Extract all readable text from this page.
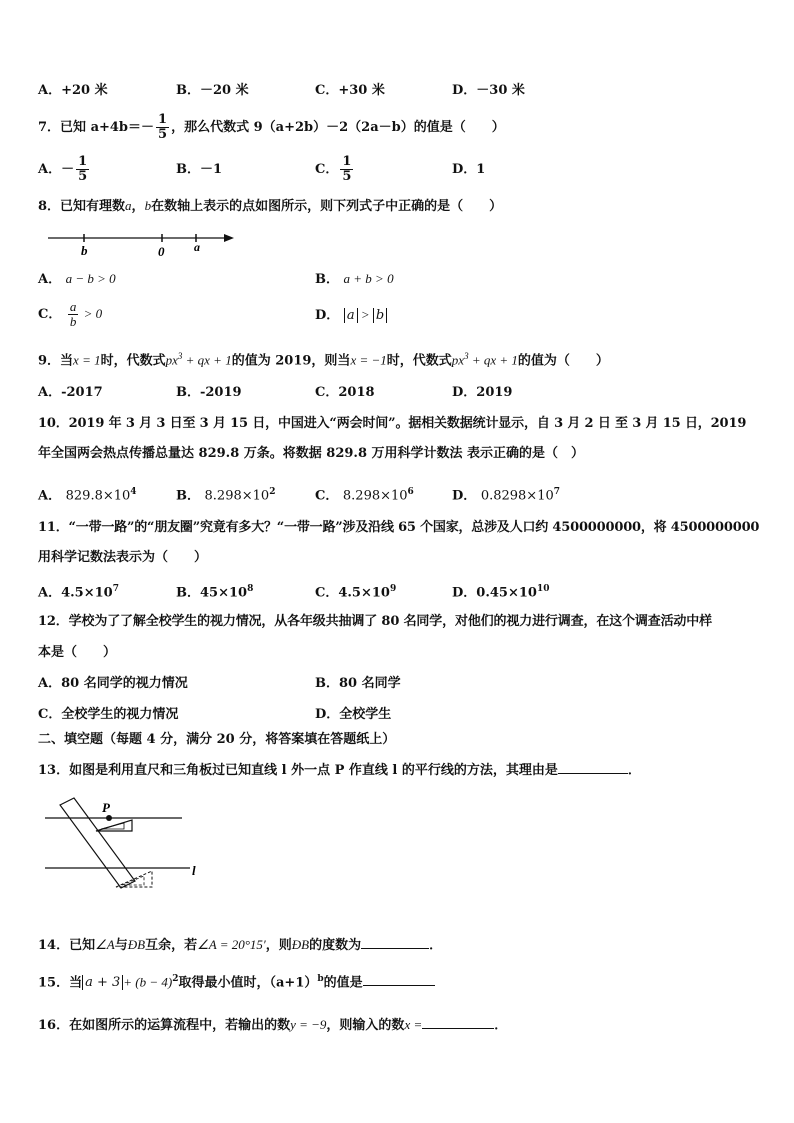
A．+20 米	B．－20 米	C．+30 米	D．－30 米
7．已知 $a+4b=- \frac{1}{5}$ ，那么代数式 9（a+2b）－2（2a－b）的值是（　　）
A．－ $\frac{1}{5}$	B．－1	C． $\frac{1}{5}$	D．1
8．已知有理数a，b在数轴上表示的点如图所示，则下列式子中正确的是（　　）
b	0 a
A． a − b > 0	B． a + b > 0
C． $\frac{a}{b} > 0$	D． a > b
9．当x = 1时，代数式$px^3$ + qx + 1的值为 2019，则当x = −1时，代数式$px^3$ + qx + 1的值为（　　）
A．-2017	B．-2019	C．2018	D．2019
10．2019 年 3 月 3 日至 3 月 15 日，中国进入“两会时间”。据相关数据统计显示，自 3 月 2 日 至 3 月 15 日，2019
年全国两会热点传播总量达 829.8 万条。将数据 829.8 万用科学计数法 表示正确的是（　）
A． $829.8\times 10^4$	B． $8.298\times 10^2$	C． $8.298\times 10^6$	D． $0.8298\times 10^7$
11．“一带一路”的“朋友圈”究竟有多大？“一带一路”涉及沿线 65 个国家，总涉及人口约 4500000000，将 4500000000
用科学记数法表示为（　　）
A．$4.5\times 10^7$	B．$45\times 10^8$	C．$4.5\times 10^9$	D．$0.45\times 10^{10}$
12．学校为了了解全校学生的视力情况，从各年级共抽调了 80 名同学，对他们的视力进行调查，在这个调查活动中样
本是（　　）
A．80 名同学的视力情况	B．80 名同学
C．全校学生的视力情况	D．全校学生
二、填空题（每题 4 分，满分 20 分，将答案填在答题纸上）
13．如图是利用直尺和三角板过已知直线 l 外一点 P 作直线 l 的平行线的方法，其理由是	．
P
l
14．已知∠A与ÐB互余，若∠A = 20°15′，则ÐB的度数为	．
15．当 $a + 3 + (b - 4)^2$取得最小值时，$(a+1)^b$的值是
16．在如图所示的运算流程中，若输出的数y = −9，则输入的数x =	．
